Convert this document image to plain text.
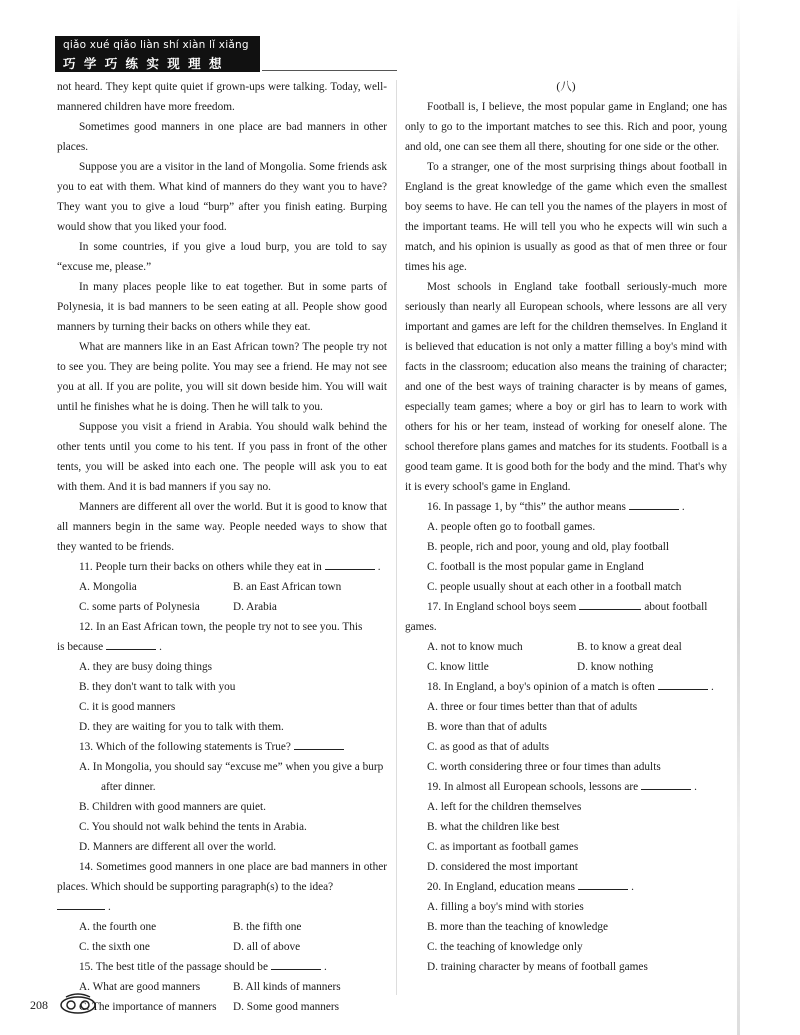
qiǎo xué qiǎo liàn shí xiàn lǐ xiǎng
巧 学 巧 练 实 现 理 想

not heard. They kept quite quiet if grown-ups were talking. Today, well-mannered children have more freedom.

Sometimes good manners in one place are bad manners in other places.

Suppose you are a visitor in the land of Mongolia. Some friends ask you to eat with them. What kind of manners do they want you to have? They want you to give a loud “burp” after you finish eating. Burping would show that you liked your food.

In some countries, if you give a loud burp, you are told to say “excuse me, please.”

In many places people like to eat together. But in some parts of Polynesia, it is bad manners to be seen eating at all. People show good manners by turning their backs on others while they eat.

What are manners like in an East African town? The people try not to see you. They are being polite. You may see a friend. He may not see you at all. If you are polite, you will sit down beside him. You will wait until he finishes what he is doing. Then he will talk to you.

Suppose you visit a friend in Arabia. You should walk behind the other tents until you come to his tent. If you pass in front of the other tents, you will be asked into each one. The people will ask you to eat with them. And it is bad manners if you say no.

Manners are different all over the world. But it is good to know that all manners begin in the same way. People needed ways to show that they wanted to be friends.

11. People turn their backs on others while they eat in	.

A. Mongolia	B. an East African town
C. some parts of Polynesia	D. Arabia

12. In an East African town, the people try not to see you. This

is because	.

A. they are busy doing things
B. they don't want to talk with you
C. it is good manners
D. they are waiting for you to talk with them.

13. Which of the following statements is True?

A. In Mongolia, you should say “excuse me” when you give a burp after dinner.
B. Children with good manners are quiet.
C. You should not walk behind the tents in Arabia.
D. Manners are different all over the world.

14. Sometimes good manners in one place are bad manners in other places. Which should be supporting paragraph(s) to the idea?

.

A. the fourth one	B. the fifth one
C. the sixth one	D. all of above

15. The best title of the passage should be	.

A. What are good manners	B. All kinds of manners
C. The importance of manners	D. Some good manners
(八)

Football is, I believe, the most popular game in England; one has only to go to the important matches to see this. Rich and poor, young and old, one can see them all there, shouting for one side or the other.

To a stranger, one of the most surprising things about football in England is the great knowledge of the game which even the smallest boy seems to have. He can tell you the names of the players in most of the important teams. He will tell you who he expects will win such a match, and his opinion is usually as good as that of men three or four times his age.

Most schools in England take football seriously-much more seriously than nearly all European schools, where lessons are all very important and games are left for the children themselves. In England it is believed that education is not only a matter filling a boy's mind with facts in the classroom; education also means the training of character; and one of the best ways of training character is by means of games, especially team games; where a boy or girl has to learn to work with others for his or her team, instead of working for oneself alone. The school therefore plans games and matches for its students. Football is a good team game. It is good both for the body and the mind. That's why it is every school's game in England.

16. In passage 1, by “this” the author means	.

A. people often go to football games.
B. people, rich and poor, young and old, play football
C. football is the most popular game in England
C. people usually shout at each other in a football match

17. In England school boys seem	about football

games.

A. not to know much	B. to know a great deal
C. know little	D. know nothing

18. In England, a boy's opinion of a match is often	.

A. three or four times better than that of adults
B. wore than that of adults
C. as good as that of adults
C. worth considering three or four times than adults

19. In almost all European schools, lessons are	.

A. left for the children themselves
B. what the children like best
C. as important as football games
D. considered the most important

20. In England, education means	.

A. filling a boy's mind with stories
B. more than the teaching of knowledge
C. the teaching of knowledge only
D. training character by means of football games
208
